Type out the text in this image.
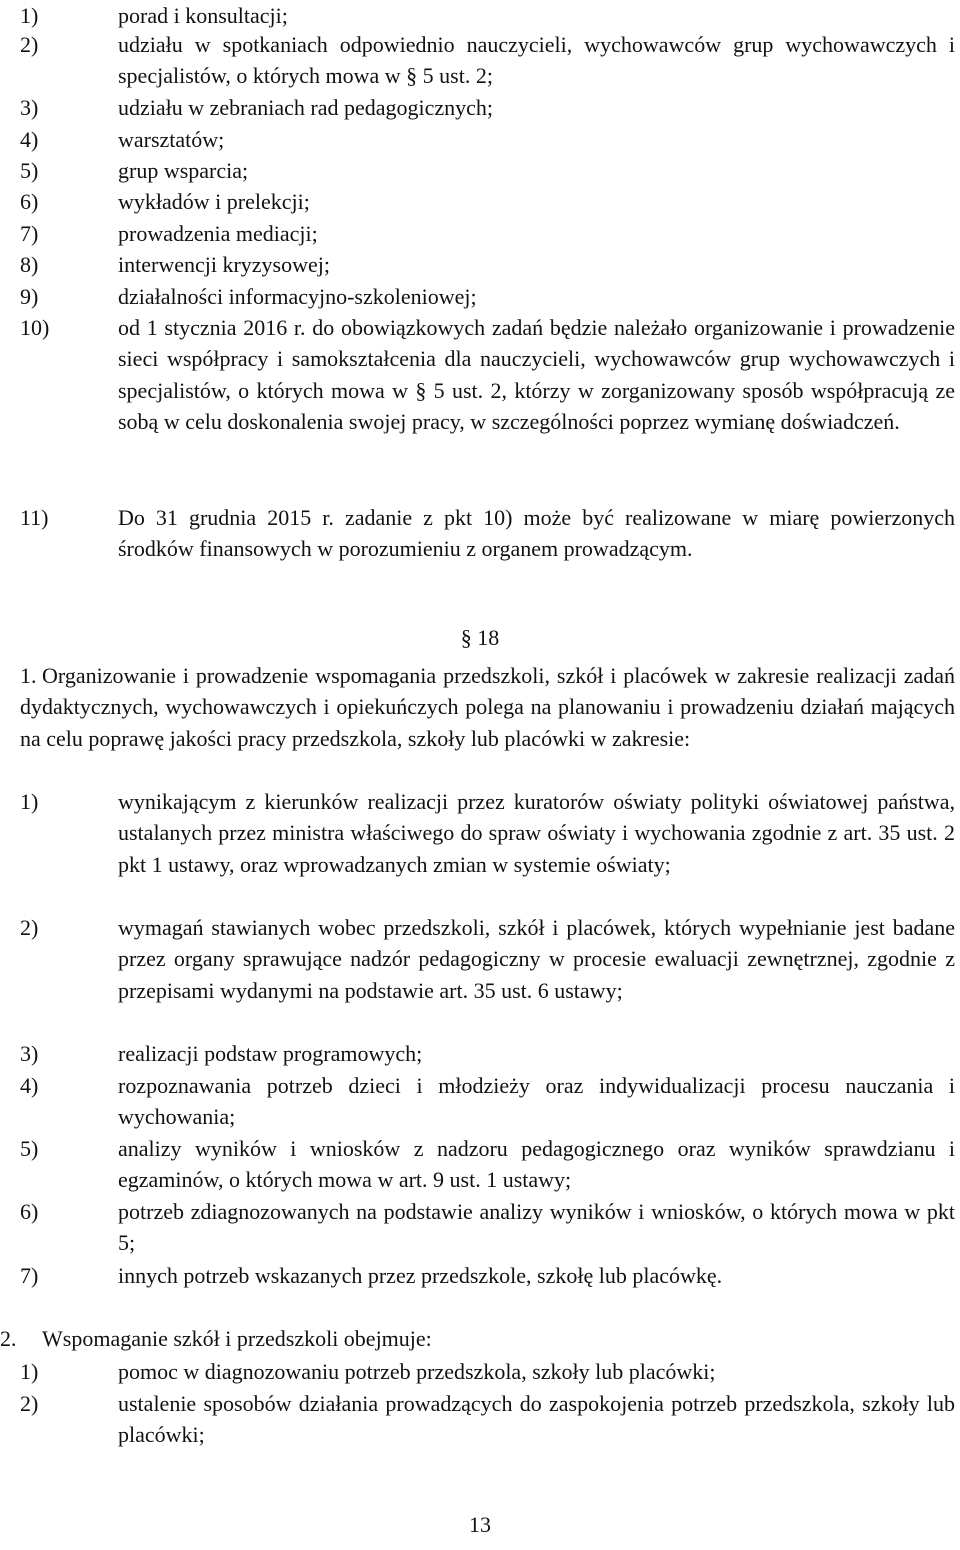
1)	porad i konsultacji;
2)	udziału w spotkaniach odpowiednio nauczycieli, wychowawców grup wychowawczych i specjalistów, o których mowa w § 5 ust. 2;
3)	udziału w zebraniach rad pedagogicznych;
4)	warsztatów;
5)	grup wsparcia;
6)	wykładów i prelekcji;
7)	prowadzenia mediacji;
8)	interwencji kryzysowej;
9)	działalności informacyjno-szkoleniowej;
10)	od 1 stycznia 2016 r. do obowiązkowych zadań będzie należało organizowanie i prowadzenie sieci współpracy i samokształcenia dla nauczycieli, wychowawców grup wychowawczych i specjalistów, o których mowa w § 5 ust. 2, którzy w zorganizowany sposób współpracują ze sobą w celu doskonalenia swojej pracy, w szczególności poprzez wymianę doświadczeń.
11)	Do 31 grudnia 2015 r. zadanie z pkt 10) może być realizowane w miarę powierzonych środków finansowych w porozumieniu z organem prowadzącym.
§ 18
1. Organizowanie i prowadzenie wspomagania przedszkoli, szkół i placówek w zakresie realizacji zadań dydaktycznych, wychowawczych i opiekuńczych polega na planowaniu i prowadzeniu działań mających na celu poprawę jakości pracy przedszkola, szkoły lub placówki w zakresie:
1)	wynikającym z kierunków realizacji przez kuratorów oświaty polityki oświatowej państwa, ustalanych przez ministra właściwego do spraw oświaty i wychowania zgodnie z art. 35 ust. 2 pkt 1 ustawy, oraz wprowadzanych zmian w systemie oświaty;
2)	wymagań stawianych wobec przedszkoli, szkół i placówek, których wypełnianie jest badane przez organy sprawujące nadzór pedagogiczny w procesie ewaluacji zewnętrznej, zgodnie z przepisami wydanymi na podstawie art. 35 ust. 6 ustawy;
3)	realizacji podstaw programowych;
4)	rozpoznawania potrzeb dzieci i młodzieży oraz indywidualizacji procesu nauczania i wychowania;
5)	analizy wyników i wniosków z nadzoru pedagogicznego oraz wyników sprawdzianu i egzaminów, o których mowa w art. 9 ust. 1 ustawy;
6)	potrzeb zdiagnozowanych na podstawie analizy wyników i wniosków, o których mowa w pkt 5;
7)	innych potrzeb wskazanych przez przedszkole, szkołę lub placówkę.
2. Wspomaganie szkół i przedszkoli obejmuje:
1)	pomoc w diagnozowaniu potrzeb przedszkola, szkoły lub placówki;
2)	ustalenie sposobów działania prowadzących do zaspokojenia potrzeb przedszkola, szkoły lub placówki;
13
